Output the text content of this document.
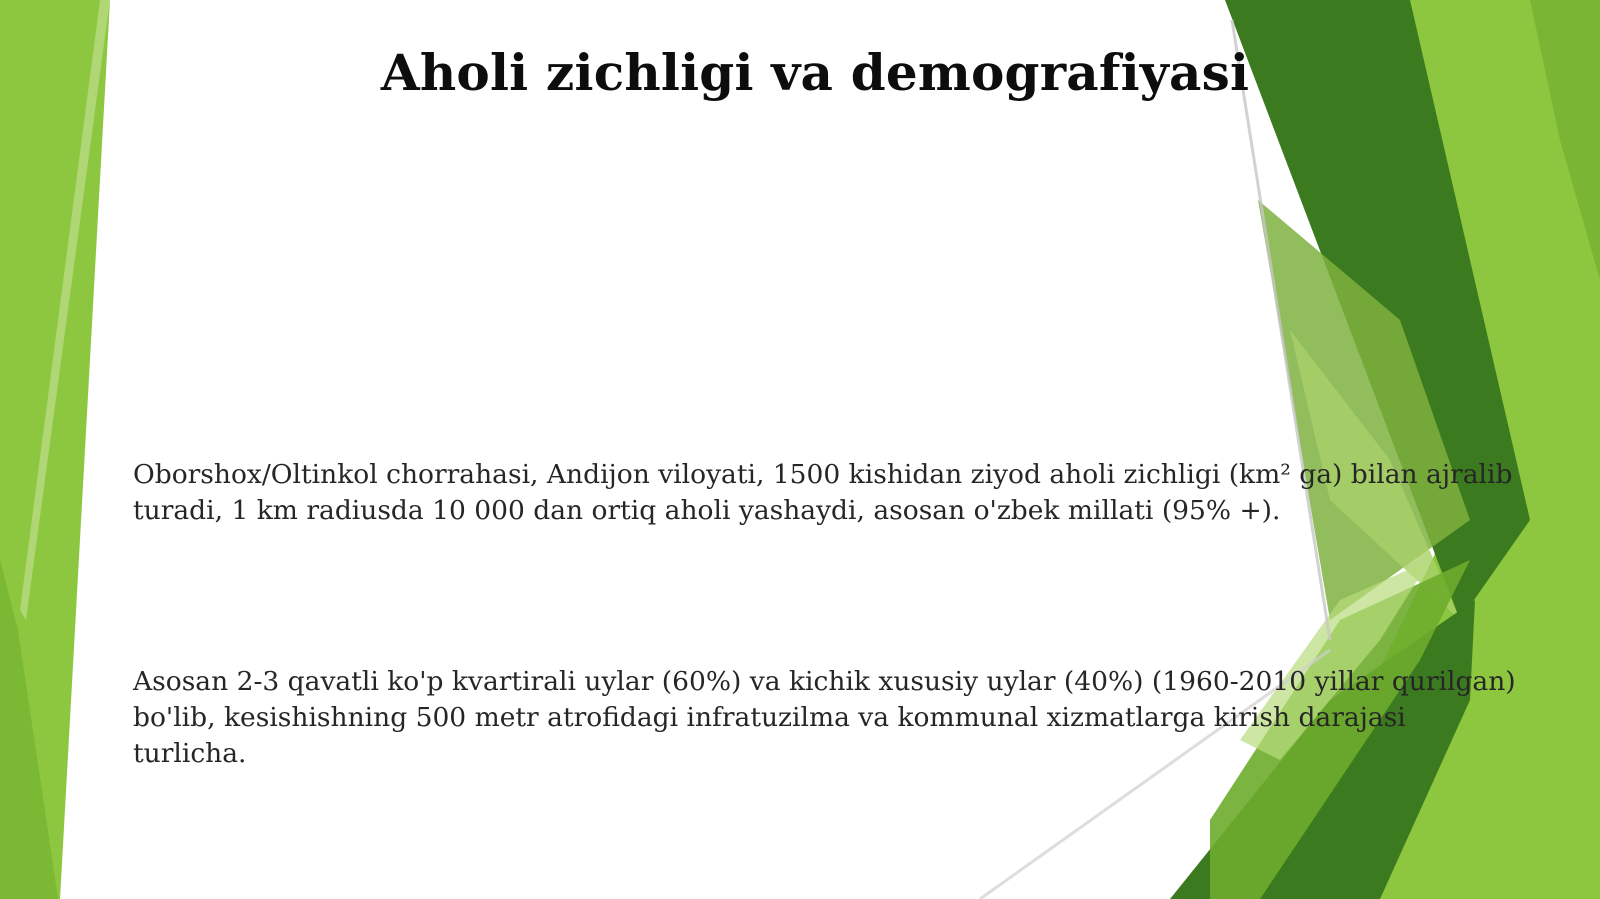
Aholi zichligi va demografiyasi

Oborshox/Oltinkol chorrahasi, Andijon viloyati, 1500 kishidan ziyod aholi zichligi (km² ga) bilan ajralib turadi, 1 km radiusda 10 000 dan ortiq aholi yashaydi, asosan o'zbek millati (95% +).

Asosan 2-3 qavatli ko'p kvartirali uylar (60%) va kichik xususiy uylar (40%) (1960-2010 yillar qurilgan) bo'lib, kesishishning 500 metr atrofidagi infratuzilma va kommunal xizmatlarga kirish darajasi turlicha.
